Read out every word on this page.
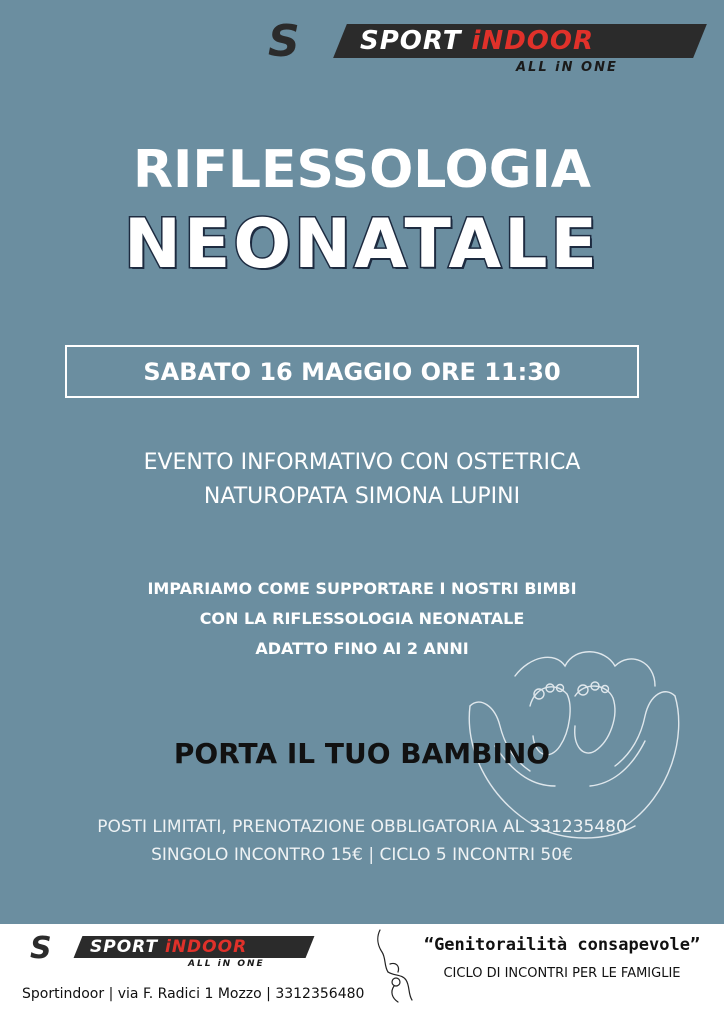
S	SPORT iNDOOR
ALL iN ONE
RIFLESSOLOGIA
NEONATALE
SABATO 16 MAGGIO ORE 11:30
EVENTO INFORMATIVO CON OSTETRICA
NATUROPATA SIMONA LUPINI
IMPARIAMO COME SUPPORTARE I NOSTRI BIMBI
CON LA RIFLESSOLOGIA NEONATALE
ADATTO FINO AI 2 ANNI
PORTA IL TUO BAMBINO
POSTI LIMITATI, PRENOTAZIONE OBBLIGATORIA AL 331235480
SINGOLO INCONTRO 15€ | CICLO 5 INCONTRI 50€
S SPORT iNDOOR
ALL iN ONE
Sportindoor | via F. Radici 1 Mozzo | 3312356480
“Genitorailità consapevole”
CICLO DI INCONTRI PER LE FAMIGLIE
